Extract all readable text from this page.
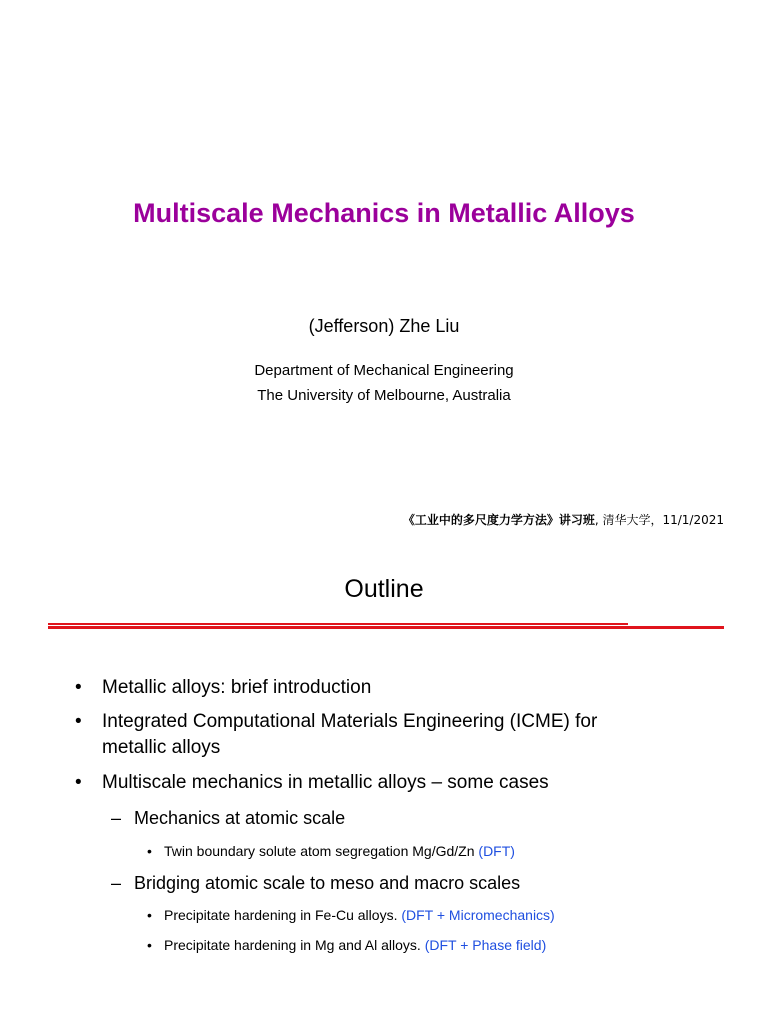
Multiscale Mechanics in Metallic Alloys
(Jefferson) Zhe Liu
Department of Mechanical Engineering
The University of Melbourne, Australia
《工业中的多尺度力学方法》讲习班, 清华大学，11/1/2021
Outline
• Metallic alloys: brief introduction
• Integrated Computational Materials Engineering (ICME) for
metallic alloys
• Multiscale mechanics in metallic alloys – some cases
– Mechanics at atomic scale
• Twin boundary solute atom segregation Mg/Gd/Zn (DFT)
– Bridging atomic scale to meso and macro scales
• Precipitate hardening in Fe-Cu alloys. (DFT + Micromechanics)
• Precipitate hardening in Mg and Al alloys. (DFT + Phase field)
